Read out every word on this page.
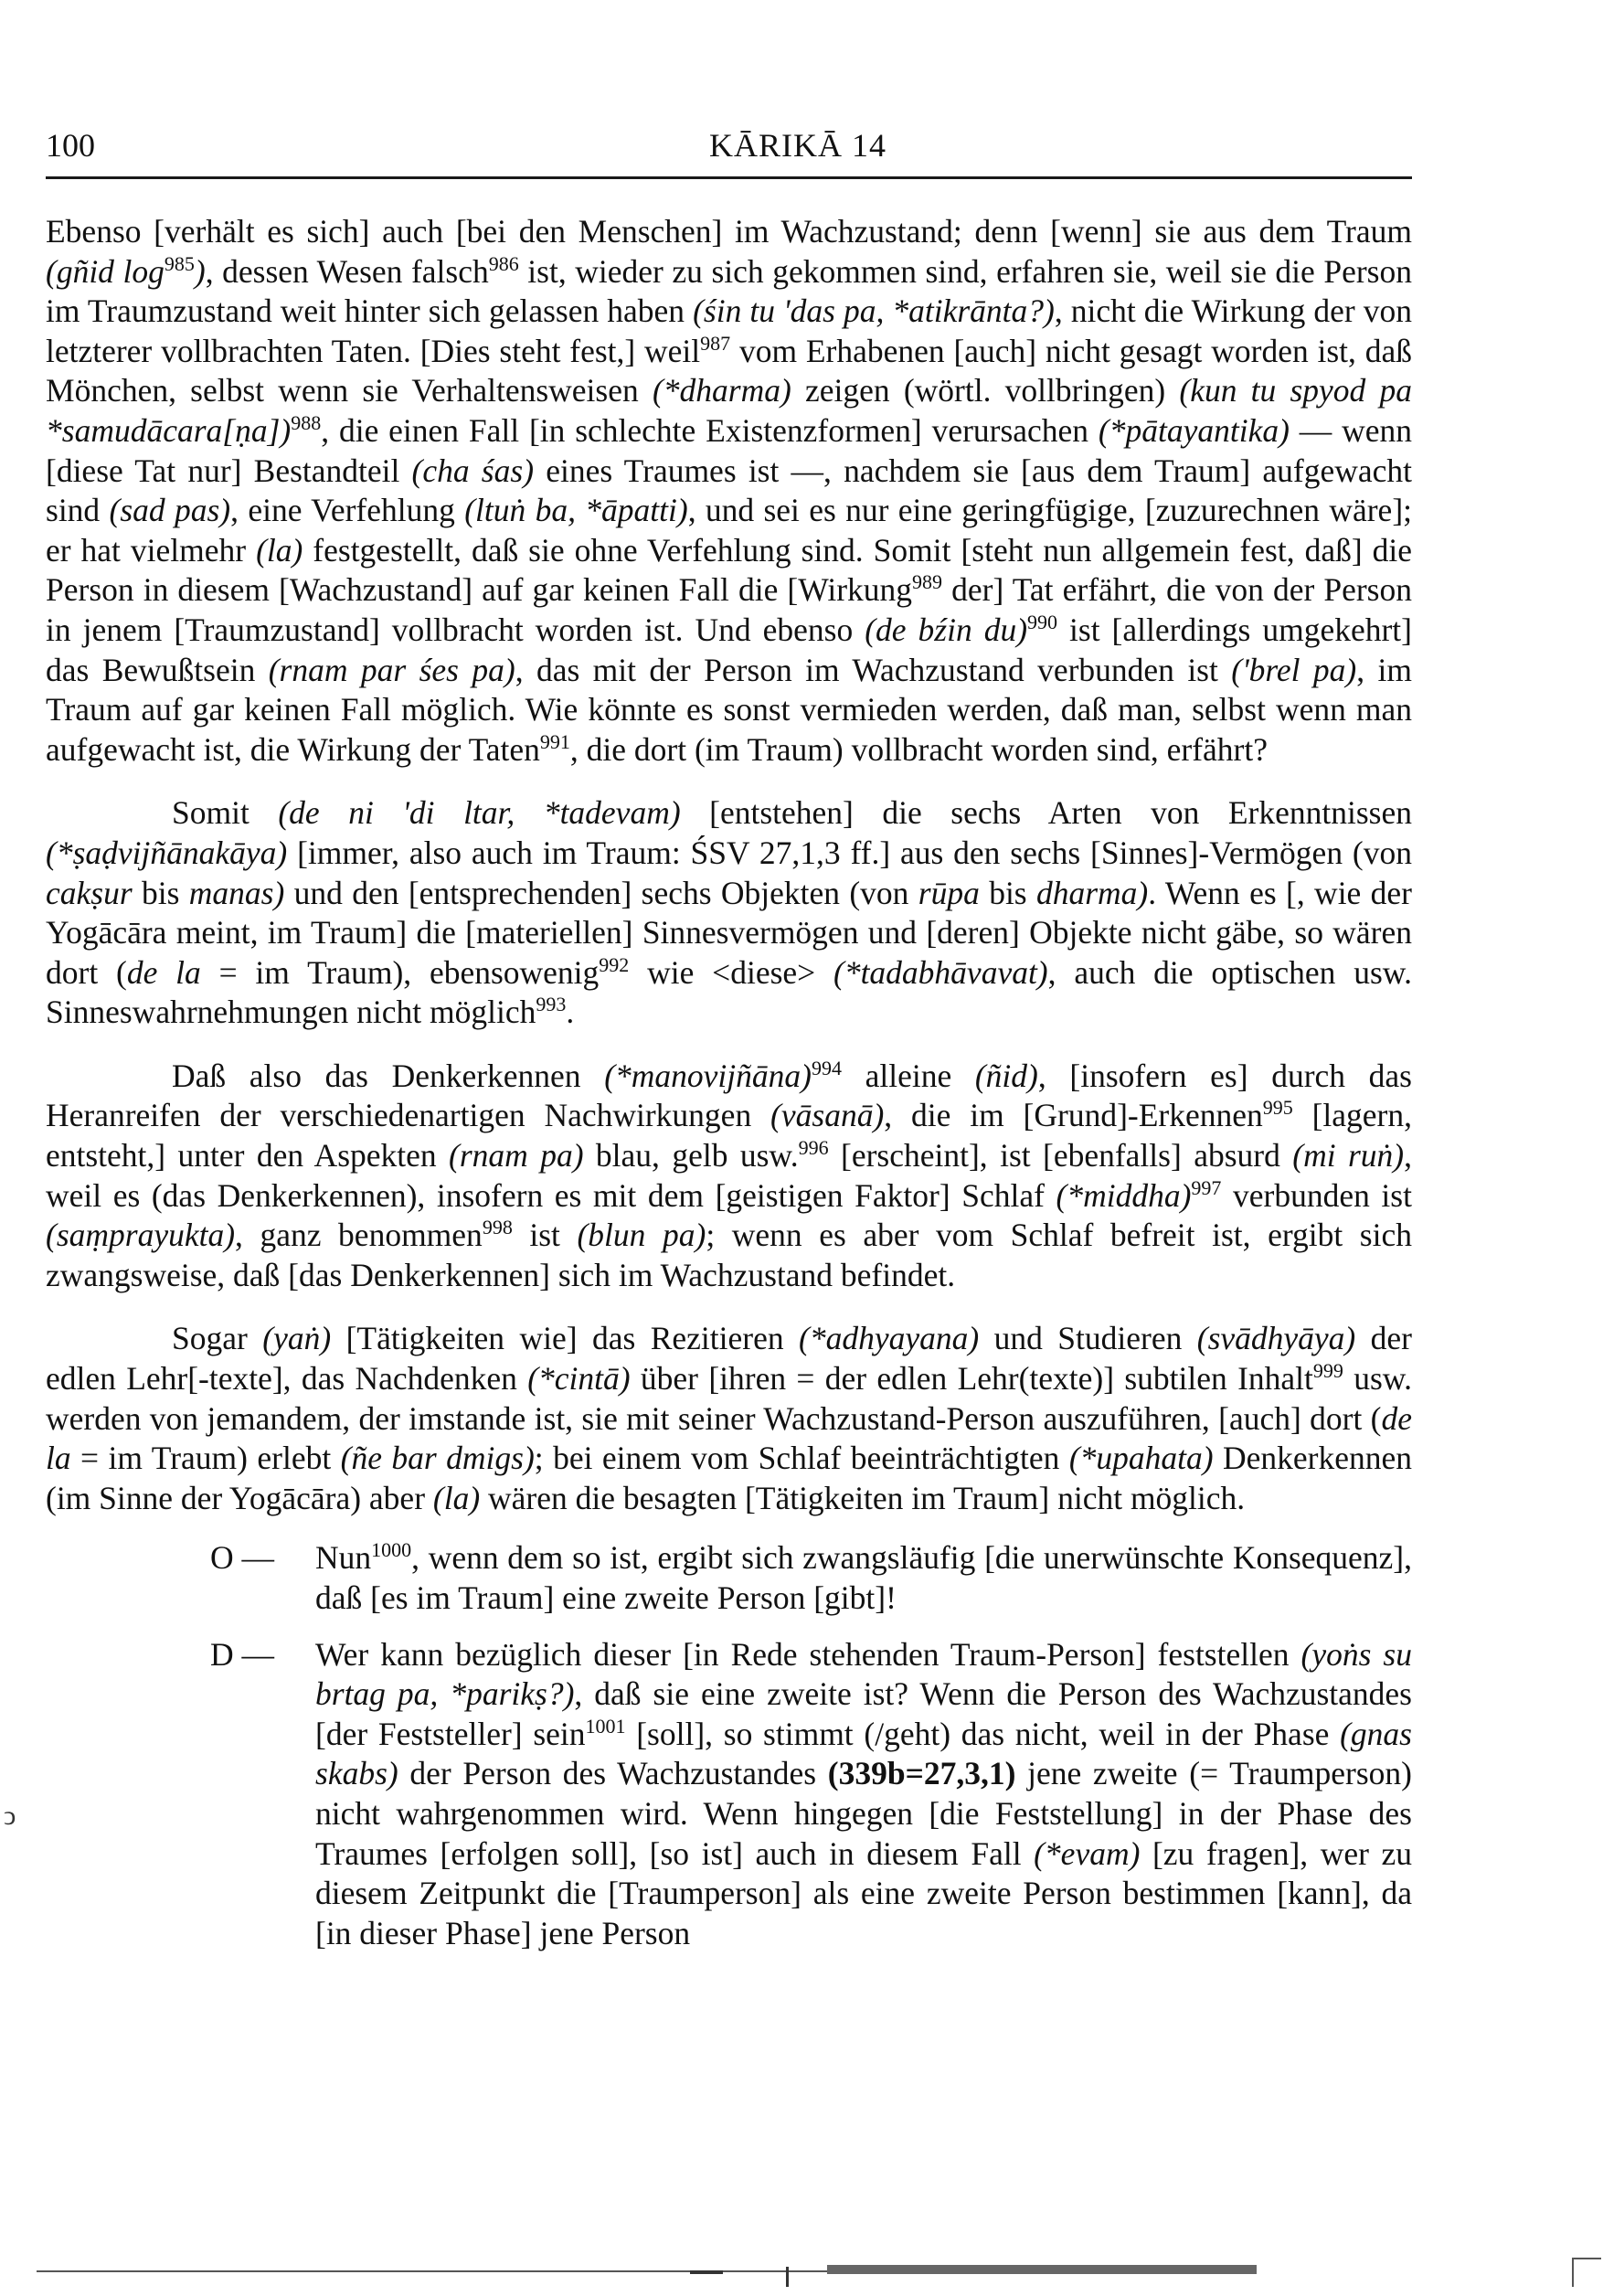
100	KĀRIKĀ 14
ↄ

Ebenso [verhält es sich] auch [bei den Menschen] im Wachzustand; denn [wenn] sie aus dem Traum (gñid $\log^{985}$), dessen Wesen falsch$^{986}$ ist, wieder zu sich gekommen sind, erfahren sie, weil sie die Person im Traumzustand weit hinter sich gelassen haben (śin tu 'das pa, *atikrānta?), nicht die Wirkung der von letzterer vollbrachten Taten. [Dies steht fest,] weil$^{987}$ vom Erhabenen [auch] nicht gesagt worden ist, daß Mönchen, selbst wenn sie Verhaltensweisen (*dharma) zeigen (wörtl. vollbringen) (kun tu spyod pa *samudācara[ṇa])$^{988}$, die einen Fall [in schlechte Existenzformen] verursachen (*pātayantika) — wenn [diese Tat nur] Bestandteil (cha śas) eines Traumes ist —, nachdem sie [aus dem Traum] aufgewacht sind (sad pas), eine Verfehlung (ltuṅ ba, *āpatti), und sei es nur eine geringfügige, [zuzurechnen wäre]; er hat vielmehr (la) festgestellt, daß sie ohne Verfehlung sind. Somit [steht nun allgemein fest, daß] die Person in diesem [Wachzustand] auf gar keinen Fall die [Wirkung$^{989}$ der] Tat erfährt, die von der Person in jenem [Traumzustand] vollbracht worden ist. Und ebenso (de bźin du)$^{990}$ ist [allerdings umgekehrt] das Bewußtsein (rnam par śes pa), das mit der Person im Wachzustand verbunden ist ('brel pa), im Traum auf gar keinen Fall möglich. Wie könnte es sonst vermieden werden, daß man, selbst wenn man aufgewacht ist, die Wirkung der Taten$^{991}$, die dort (im Traum) vollbracht worden sind, erfährt?

Somit (de ni 'di ltar, *tadevam) [entstehen] die sechs Arten von Erkenntnissen (*ṣaḍvijñānakāya) [immer, also auch im Traum: ŚSV 27,1,3 ff.] aus den sechs [Sinnes]-Vermögen (von cakṣur bis manas) und den [entsprechenden] sechs Objekten (von rūpa bis dharma). Wenn es [, wie der Yogācāra meint, im Traum] die [materiellen] Sinnesvermögen und [deren] Objekte nicht gäbe, so wären dort (de la = im Traum), ebensowenig$^{992}$ wie <diese> (*tadabhāvavat), auch die optischen usw. Sinneswahrnehmungen nicht möglich$^{993}$.

Daß also das Denkerkennen (*manovijñāna)$^{994}$ alleine (ñid), [insofern es] durch das Heranreifen der verschiedenartigen Nachwirkungen (vāsanā), die im [Grund]-Erkennen$^{995}$ [lagern, entsteht,] unter den Aspekten (rnam pa) blau, gelb usw.$^{996}$ [erscheint], ist [ebenfalls] absurd (mi ruṅ), weil es (das Denkerkennen), insofern es mit dem [geistigen Faktor] Schlaf (*middha)$^{997}$ verbunden ist (saṃprayukta), ganz benommen$^{998}$ ist (blun pa); wenn es aber vom Schlaf befreit ist, ergibt sich zwangsweise, daß [das Denkerkennen] sich im Wachzustand befindet.

Sogar (yaṅ) [Tätigkeiten wie] das Rezitieren (*adhyayana) und Studieren (svādhyāya) der edlen Lehr[-texte], das Nachdenken (*cintā) über [ihren = der edlen Lehr(texte)] subtilen Inhalt$^{999}$ usw. werden von jemandem, der imstande ist, sie mit seiner Wachzustand-Person auszuführen, [auch] dort (de la = im Traum) erlebt (ñe bar dmigs); bei einem vom Schlaf beeinträchtigten (*upahata) Denkerkennen (im Sinne der Yogācāra) aber (la) wären die besagten [Tätigkeiten im Traum] nicht möglich.

O —	Nun$^{1000}$, wenn dem so ist, ergibt sich zwangsläufig [die unerwünschte Konsequenz], daß [es im Traum] eine zweite Person [gibt]!

D —	Wer kann bezüglich dieser [in Rede stehenden Traum-Person] feststellen (yoṅs su brtag pa, *parikṣ?), daß sie eine zweite ist? Wenn die Person des Wachzustandes [der Feststeller] sein$^{1001}$ [soll], so stimmt (/geht) das nicht, weil in der Phase (gnas skabs) der Person des Wachzustandes (339b=27,3,1) jene zweite (= Traumperson) nicht wahrgenommen wird. Wenn hingegen [die Feststellung] in der Phase des Traumes [erfolgen soll], [so ist] auch in diesem Fall (*evam) [zu fragen], wer zu diesem Zeitpunkt die [Traumperson] als eine zweite Person bestimmen [kann], da [in dieser Phase] jene Person
